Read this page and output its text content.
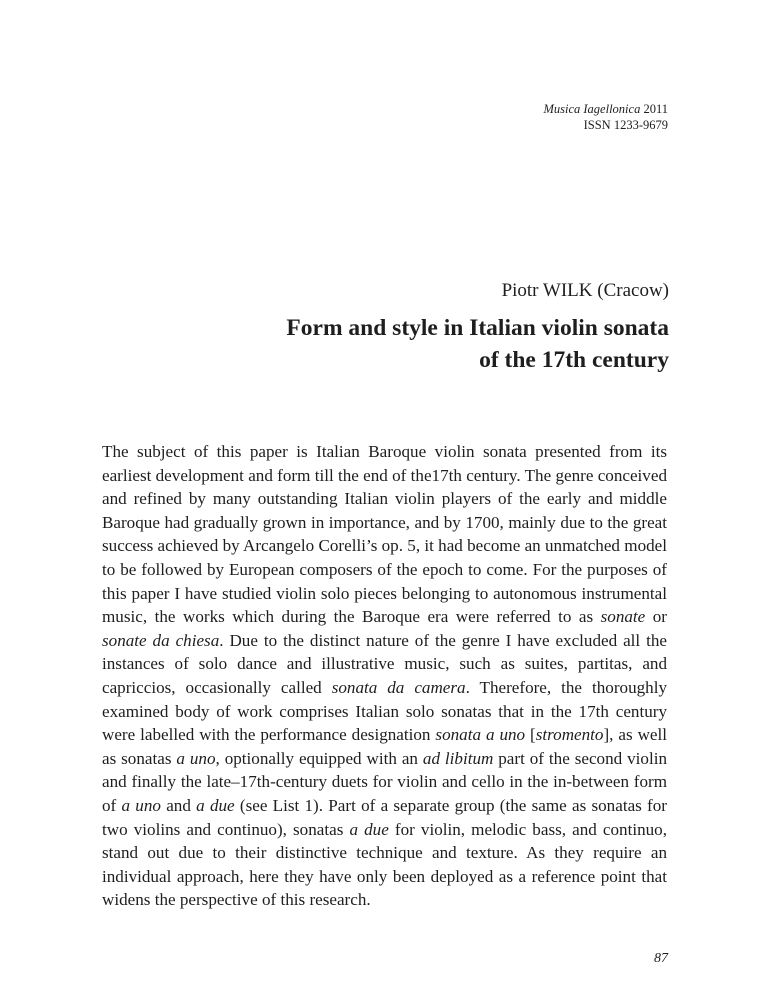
Musica Iagellonica 2011
ISSN 1233-9679
Piotr WILK (Cracow)
Form and style in Italian violin sonata
of the 17th century

The subject of this paper is Italian Baroque violin sonata presented from its earliest development and form till the end of the17th century. The genre conceived and refined by many outstanding Italian violin players of the early and middle Baroque had gradually grown in importance, and by 1700, mainly due to the great success achieved by Arcangelo Corelli’s op. 5, it had become an unmatched model to be followed by European composers of the epoch to come. For the purposes of this paper I have studied violin solo pieces belonging to autonomous instrumental music, the works which during the Baroque era were referred to as sonate or sonate da chiesa. Due to the distinct nature of the genre I have excluded all the instances of solo dance and illustrative music, such as suites, partitas, and capriccios, occasionally called sonata da camera. Therefore, the thoroughly examined body of work comprises Italian solo sonatas that in the 17th century were labelled with the performance designation sonata a uno [stromento], as well as sonatas a uno, optionally equipped with an ad libitum part of the second violin and finally the late–17th-century duets for violin and cello in the in-between form of a uno and a due (see List 1). Part of a separate group (the same as sonatas for two violins and continuo), sonatas a due for violin, melodic bass, and continuo, stand out due to their distinctive technique and texture. As they require an individual approach, here they have only been deployed as a reference point that widens the perspective of this research.

87
